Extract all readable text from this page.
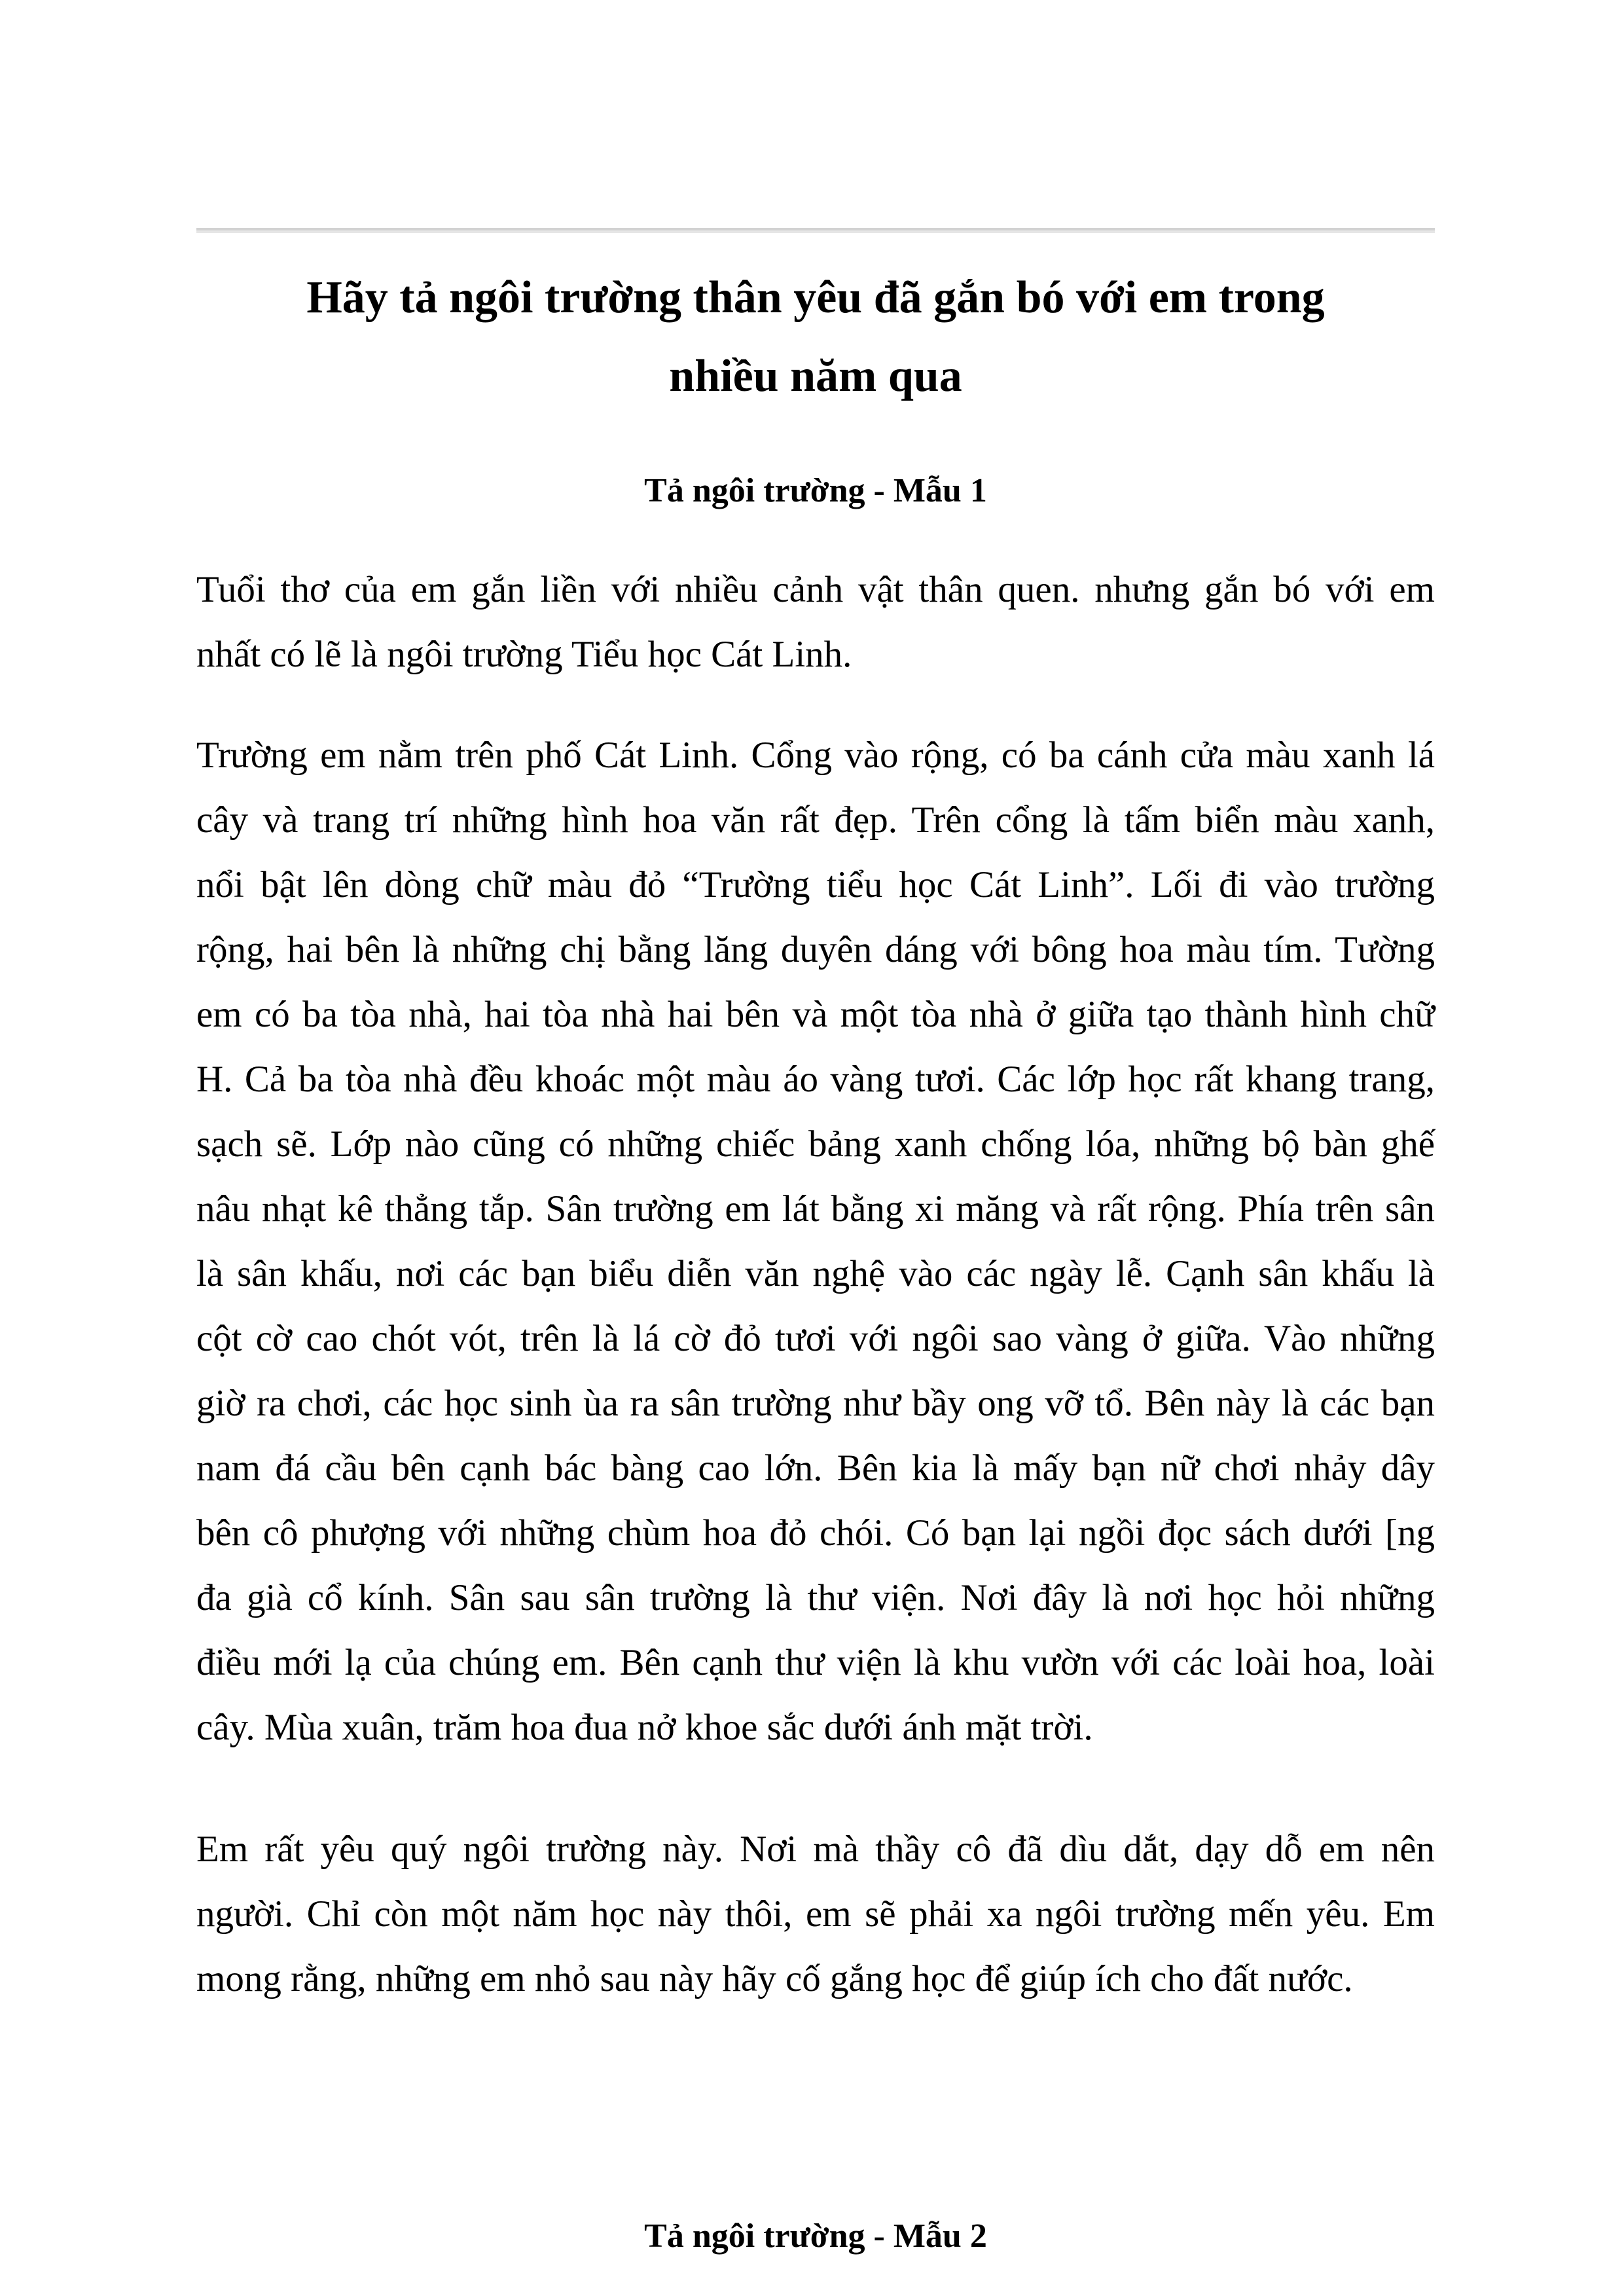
Hãy tả ngôi trường thân yêu đã gắn bó với em trong
nhiều năm qua
Tả ngôi trường - Mẫu 1
Tuổi thơ của em gắn liền với nhiều cảnh vật thân quen. nhưng gắn bó với em
nhất có lẽ là ngôi trường Tiểu học Cát Linh.
Trường em nằm trên phố Cát Linh. Cổng vào rộng, có ba cánh cửa màu xanh lá
cây và trang trí những hình hoa văn rất đẹp. Trên cổng là tấm biển màu xanh,
nổi bật lên dòng chữ màu đỏ “Trường tiểu học Cát Linh”. Lối đi vào trường
rộng, hai bên là những chị bằng lăng duyên dáng với bông hoa màu tím. Tường
em có ba tòa nhà, hai tòa nhà hai bên và một tòa nhà ở giữa tạo thành hình chữ
H. Cả ba tòa nhà đều khoác một màu áo vàng tươi. Các lớp học rất khang trang,
sạch sẽ. Lớp nào cũng có những chiếc bảng xanh chống lóa, những bộ bàn ghế
nâu nhạt kê thẳng tắp. Sân trường em lát bằng xi măng và rất rộng. Phía trên sân
là sân khấu, nơi các bạn biểu diễn văn nghệ vào các ngày lễ. Cạnh sân khấu là
cột cờ cao chót vót, trên là lá cờ đỏ tươi với ngôi sao vàng ở giữa. Vào những
giờ ra chơi, các học sinh ùa ra sân trường như bầy ong vỡ tổ. Bên này là các bạn
nam đá cầu bên cạnh bác bàng cao lớn. Bên kia là mấy bạn nữ chơi nhảy dây
bên cô phượng với những chùm hoa đỏ chói. Có bạn lại ngồi đọc sách dưới [ng
đa già cổ kính. Sân sau sân trường là thư viện. Nơi đây là nơi học hỏi những
điều mới lạ của chúng em. Bên cạnh thư viện là khu vườn với các loài hoa, loài
cây. Mùa xuân, trăm hoa đua nở khoe sắc dưới ánh mặt trời.
Em rất yêu quý ngôi trường này. Nơi mà thầy cô đã dìu dắt, dạy dỗ em nên
người. Chỉ còn một năm học này thôi, em sẽ phải xa ngôi trường mến yêu. Em
mong rằng, những em nhỏ sau này hãy cố gắng học để giúp ích cho đất nước.
Tả ngôi trường - Mẫu 2
